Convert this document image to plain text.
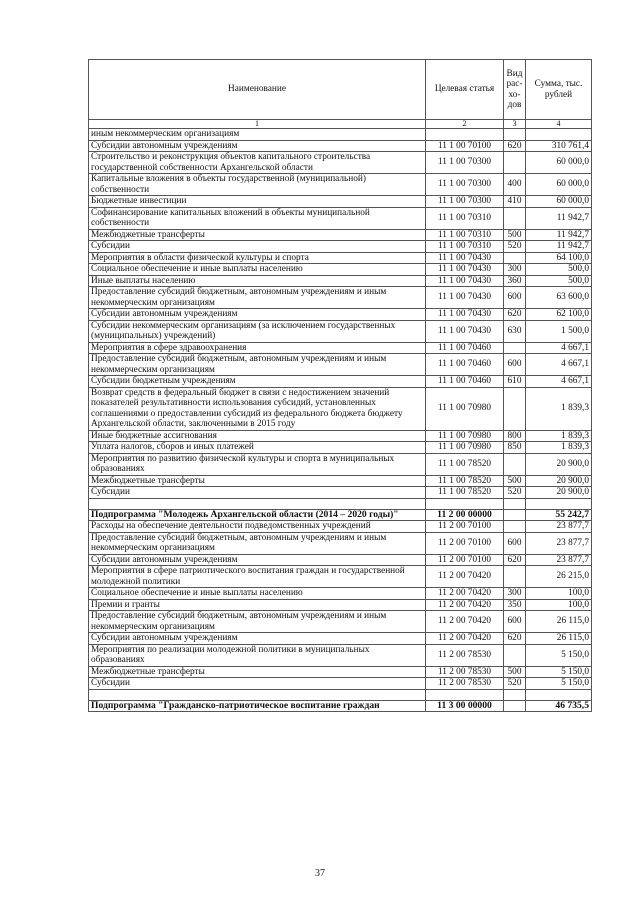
Наименование	Целевая статья	Вид рас-хо-дов	Сумма, тыс. рублей
1	2	3	4
иным некоммерческим организациям			
Субсидии автономным учреждениям	11 1 00 70100	620	310 761,4
Строительство и реконструкция объектов капитального строительства государственной собственности Архангельской области	11 1 00 70300		60 000,0
Капитальные вложения в объекты государственной (муниципальной) собственности	11 1 00 70300	400	60 000,0
Бюджетные инвестиции	11 1 00 70300	410	60 000,0
Софинансирование капитальных вложений в объекты муниципальной собственности	11 1 00 70310		11 942,7
Межбюджетные трансферты	11 1 00 70310	500	11 942,7
Субсидии	11 1 00 70310	520	11 942,7
Мероприятия в области физической культуры и спорта	11 1 00 70430		64 100,0
Социальное обеспечение и иные выплаты населению	11 1 00 70430	300	500,0
Иные выплаты населению	11 1 00 70430	360	500,0
Предоставление субсидий бюджетным, автономным учреждениям и иным некоммерческим организациям	11 1 00 70430	600	63 600,0
Субсидии автономным учреждениям	11 1 00 70430	620	62 100,0
Субсидии некоммерческим организациям (за исключением государственных (муниципальных) учреждений)	11 1 00 70430	630	1 500,0
Мероприятия в сфере здравоохранения	11 1 00 70460		4 667,1
Предоставление субсидий бюджетным, автономным учреждениям и иным некоммерческим организациям	11 1 00 70460	600	4 667,1
Субсидии бюджетным учреждениям	11 1 00 70460	610	4 667,1
Возврат средств в федеральный бюджет в связи с недостижением значений показателей результативности использования субсидий, установленных соглашениями о предоставлении субсидий из федерального бюджета бюджету Архангельской области, заключенными в 2015 году	11 1 00 70980		1 839,3
Иные бюджетные ассигнования	11 1 00 70980	800	1 839,3
Уплата налогов, сборов и иных платежей	11 1 00 70980	850	1 839,3
Мероприятия по развитию физической культуры и спорта в муниципальных образованиях	11 1 00 78520		20 900,0
Межбюджетные трансферты	11 1 00 78520	500	20 900,0
Субсидии	11 1 00 78520	520	20 900,0

Подпрограмма "Молодежь Архангельской области (2014 – 2020 годы)"	11 2 00 00000		55 242,7
Расходы на обеспечение деятельности подведомственных учреждений	11 2 00 70100		23 877,7
Предоставление субсидий бюджетным, автономным учреждениям и иным некоммерческим организациям	11 2 00 70100	600	23 877,7
Субсидии автономным учреждениям	11 2 00 70100	620	23 877,7
Мероприятия в сфере патриотического воспитания граждан и государственной молодежной политики	11 2 00 70420		26 215,0
Социальное обеспечение и иные выплаты населению	11 2 00 70420	300	100,0
Премии и гранты	11 2 00 70420	350	100,0
Предоставление субсидий бюджетным, автономным учреждениям и иным некоммерческим организациям	11 2 00 70420	600	26 115,0
Субсидии автономным учреждениям	11 2 00 70420	620	26 115,0
Мероприятия по реализации молодежной политики в муниципальных образованиях	11 2 00 78530		5 150,0
Межбюджетные трансферты	11 2 00 78530	500	5 150,0
Субсидии	11 2 00 78530	520	5 150,0

Подпрограмма "Гражданско-патриотическое воспитание граждан	11 3 00 00000		46 735,5
37
